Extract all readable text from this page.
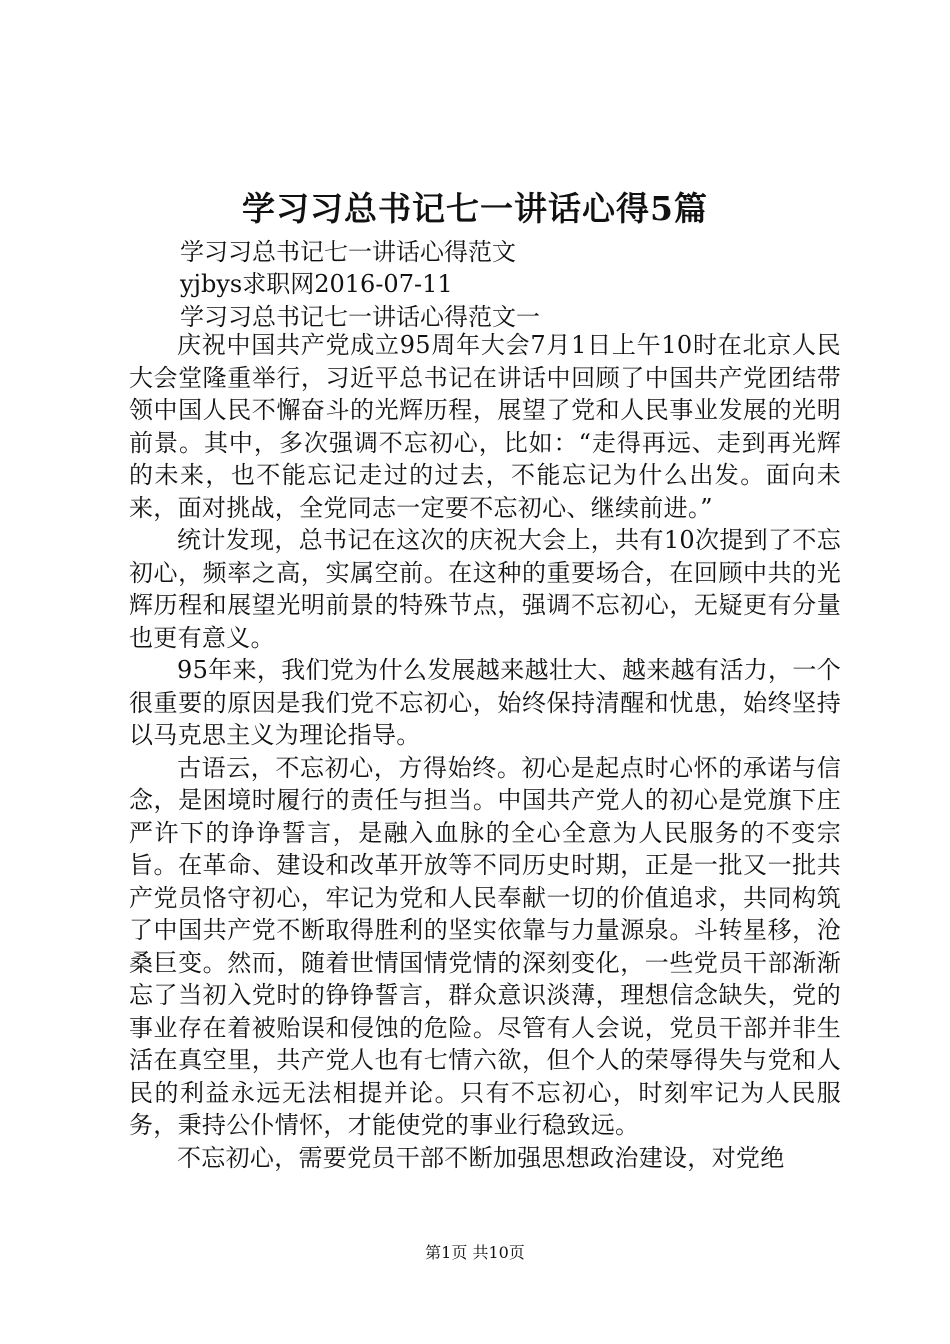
学习习总书记七一讲话心得5篇

学习习总书记七一讲话心得范文

yjbys求职网2016-07-11

学习习总书记七一讲话心得范文一

庆祝中国共产党成立95周年大会7月1日上午10时在北京人民大会堂隆重举行，习近平总书记在讲话中回顾了中国共产党团结带领中国人民不懈奋斗的光辉历程，展望了党和人民事业发展的光明前景。其中，多次强调不忘初心，比如：“走得再远、走到再光辉的未来，也不能忘记走过的过去，不能忘记为什么出发。面向未来，面对挑战，全党同志一定要不忘初心、继续前进。”

统计发现，总书记在这次的庆祝大会上，共有10次提到了不忘初心，频率之高，实属空前。在这种的重要场合，在回顾中共的光辉历程和展望光明前景的特殊节点，强调不忘初心，无疑更有分量也更有意义。

95年来，我们党为什么发展越来越壮大、越来越有活力，一个很重要的原因是我们党不忘初心，始终保持清醒和忧患，始终坚持以马克思主义为理论指导。

古语云，不忘初心，方得始终。初心是起点时心怀的承诺与信念，是困境时履行的责任与担当。中国共产党人的初心是党旗下庄严许下的诤诤誓言，是融入血脉的全心全意为人民服务的不变宗旨。在革命、建设和改革开放等不同历史时期，正是一批又一批共产党员恪守初心，牢记为党和人民奉献一切的价值追求，共同构筑了中国共产党不断取得胜利的坚实依靠与力量源泉。斗转星移，沧桑巨变。然而，随着世情国情党情的深刻变化，一些党员干部渐渐忘了当初入党时的铮铮誓言，群众意识淡薄，理想信念缺失，党的事业存在着被贻误和侵蚀的危险。尽管有人会说，党员干部并非生活在真空里，共产党人也有七情六欲，但个人的荣辱得失与党和人民的利益永远无法相提并论。只有不忘初心，时刻牢记为人民服务，秉持公仆情怀，才能使党的事业行稳致远。

不忘初心，需要党员干部不断加强思想政治建设，对党绝

第1页 共10页
